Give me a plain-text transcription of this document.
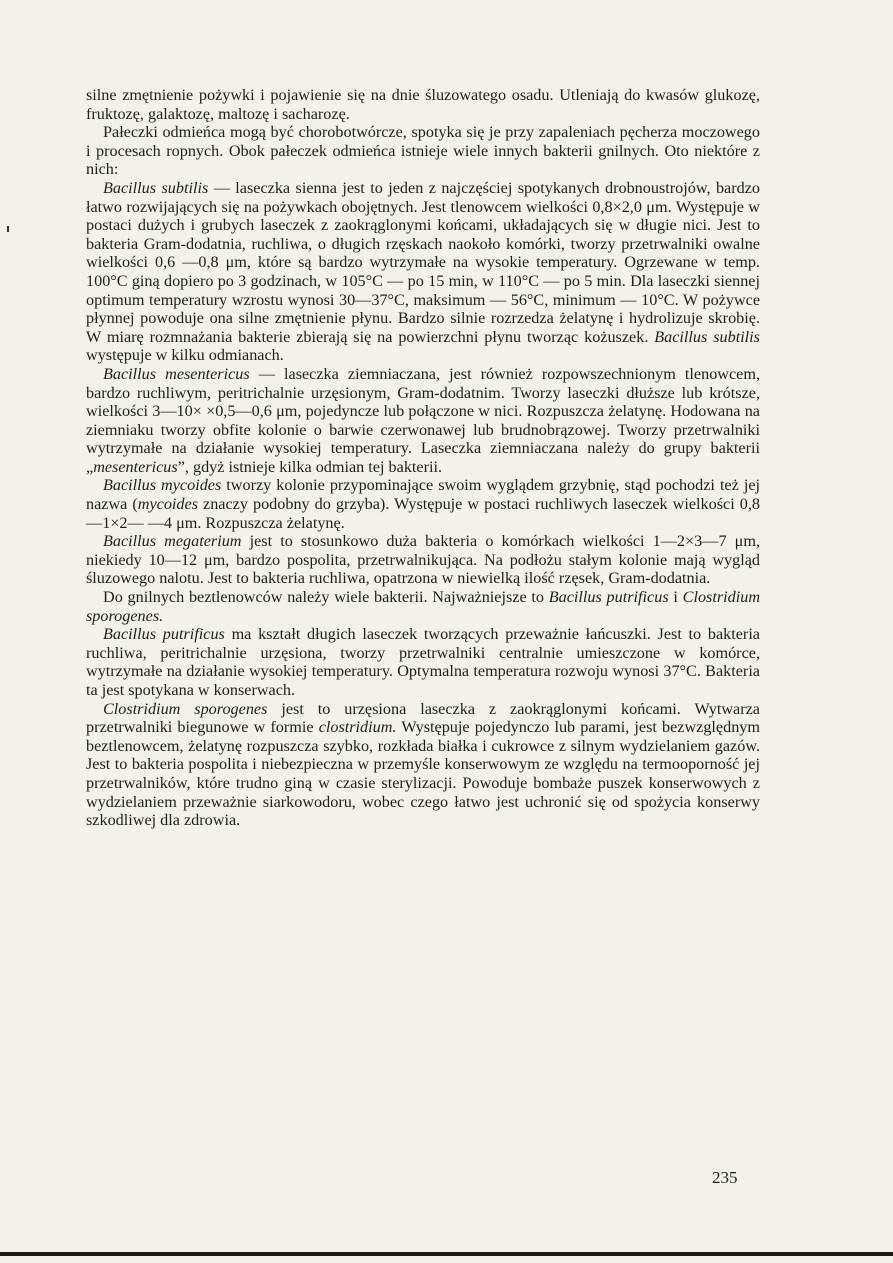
silne zmętnienie pożywki i pojawienie się na dnie śluzowatego osadu. Utleniają do kwasów glukozę, fruktozę, galaktozę, maltozę i sacharozę.

Pałeczki odmieńca mogą być chorobotwórcze, spotyka się je przy zapaleniach pęcherza moczowego i procesach ropnych. Obok pałeczek odmieńca istnieje wiele innych bakterii gnilnych. Oto niektóre z nich:

Bacillus subtilis — laseczka sienna jest to jeden z najczęściej spotykanych drobnoustrojów, bardzo łatwo rozwijających się na pożywkach obojętnych. Jest tlenowcem wielkości 0,8×2,0 μm. Występuje w postaci dużych i grubych laseczek z zaokrąglonymi końcami, układających się w długie nici. Jest to bakteria Gram-dodatnia, ruchliwa, o długich rzęskach naokoło komórki, tworzy przetrwalniki owalne wielkości 0,6 —0,8 μm, które są bardzo wytrzymałe na wysokie temperatury. Ogrzewane w temp. 100°C giną dopiero po 3 godzinach, w 105°C — po 15 min, w 110°C — po 5 min. Dla laseczki siennej optimum temperatury wzrostu wynosi 30—37°C, maksimum — 56°C, minimum — 10°C. W pożywce płynnej powoduje ona silne zmętnienie płynu. Bardzo silnie rozrzedza żelatynę i hydrolizuje skrobię. W miarę rozmnażania bakterie zbierają się na powierzchni płynu tworząc kożuszek. Bacillus subtilis występuje w kilku odmianach.

Bacillus mesentericus — laseczka ziemniaczana, jest również rozpowszechnionym tlenowcem, bardzo ruchliwym, peritrichalnie urzęsionym, Gram-dodatnim. Tworzy laseczki dłuższe lub krótsze, wielkości 3—10× ×0,5—0,6 μm, pojedyncze lub połączone w nici. Rozpuszcza żelatynę. Hodowana na ziemniaku tworzy obfite kolonie o barwie czerwonawej lub brudnobrązowej. Tworzy przetrwalniki wytrzymałe na działanie wysokiej temperatury. Laseczka ziemniaczana należy do grupy bakterii „mesentericus”, gdyż istnieje kilka odmian tej bakterii.

Bacillus mycoides tworzy kolonie przypominające swoim wyglądem grzybnię, stąd pochodzi też jej nazwa (mycoides znaczy podobny do grzyba). Występuje w postaci ruchliwych laseczek wielkości 0,8—1×2— —4 μm. Rozpuszcza żelatynę.

Bacillus megaterium jest to stosunkowo duża bakteria o komórkach wielkości 1—2×3—7 μm, niekiedy 10—12 μm, bardzo pospolita, przetrwalnikująca. Na podłożu stałym kolonie mają wygląd śluzowego nalotu. Jest to bakteria ruchliwa, opatrzona w niewielką ilość rzęsek, Gram-dodatnia.

Do gnilnych beztlenowców należy wiele bakterii. Najważniejsze to Bacillus putrificus i Clostridium sporogenes.

Bacillus putrificus ma kształt długich laseczek tworzących przeważnie łańcuszki. Jest to bakteria ruchliwa, peritrichalnie urzęsiona, tworzy przetrwalniki centralnie umieszczone w komórce, wytrzymałe na działanie wysokiej temperatury. Optymalna temperatura rozwoju wynosi 37°C. Bakteria ta jest spotykana w konserwach.

Clostridium sporogenes jest to urzęsiona laseczka z zaokrąglonymi końcami. Wytwarza przetrwalniki biegunowe w formie clostridium. Występuje pojedynczo lub parami, jest bezwzględnym beztlenowcem, żelatynę rozpuszcza szybko, rozkłada białka i cukrowce z silnym wydzielaniem gazów. Jest to bakteria pospolita i niebezpieczna w przemyśle konserwowym ze względu na termooporność jej przetrwalników, które trudno giną w czasie sterylizacji. Powoduje bombaże puszek konserwowych z wydzielaniem przeważnie siarkowodoru, wobec czego łatwo jest uchronić się od spożycia konserwy szkodliwej dla zdrowia.

235
